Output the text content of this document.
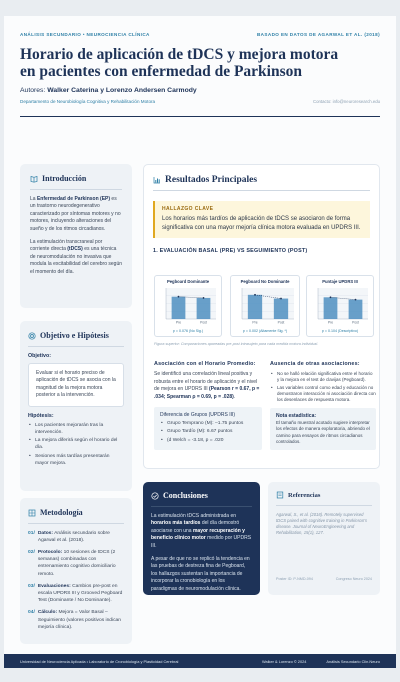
ANÁLISIS SECUNDARIO • NEUROCIENCIA CLÍNICA	BASADO EN DATOS DE AGARWAL ET AL. (2018)
Horario de aplicación de tDCS y mejora motora en pacientes con enfermedad de Parkinson
Autores: Walker Caterina y Lorenzo Andersen Carmody
Departamento de Neurobiología Cognitiva y Rehabilitación Motora	Contacto: info@neuroresearch.edu
Introducción

La Enfermedad de Parkinson (EP) es un trastorno neurodegenerativo caracterizado por síntomas motores y no motores, incluyendo alteraciones del sueño y de los ritmos circadianos.

La estimulación transcraneal por corriente directa (tDCS) es una técnica de neuromodulación no invasiva que modula la excitabilidad del cerebro según el momento del día.

Objetivo e Hipótesis
Objetivo:

Evaluar si el horario preciso de aplicación de tDCS se asocia con la magnitud de la mejora motora posterior a la intervención.

Hipótesis:
• Los pacientes mejorarán tras la intervención.
• La mejora diferirá según el horario del día.
• Sesiones más tardías presentarán mayor mejora.
Metodología
01/ Datos: Análisis secundario sobre Agarwal et al. (2018).
02/ Protocolo: 10 sesiones de tDCS (2 semanas) combinadas con entrenamiento cognitivo domiciliario remoto.
03/ Evaluaciones: Cambios pre-post en escala UPDRS III y Grooved Pegboard Test (Dominante / No Dominante).
04/ Cálculo: Mejora = Valor Basal – Seguimiento (valores positivos indican mejoría clínica).
Resultados Principales
HALLAZGO CLAVE
Los horarios más tardíos de aplicación de tDCS se asociaron de forma significativa con una mayor mejoría clínica motora evaluada en UPDRS III.
1. EVALUACIÓN BASAL (PRE) VS SEGUIMIENTO (POST)
Pegboard Dominante
Pre	Post
p = 0.076 (No Sig.)
Pegboard No Dominante
Pre	Post
p = 0.002 (Altamente Sig. *)
Puntaje UPDRS III
Pre	Post
p = 0.104 (Descriptivo)
Figura superior: Comparaciones apareadas pre-post intrasujeto para cada medida motora individual.
Asociación con el Horario Promedio:

Se identificó una correlación lineal positiva y robusta entre el horario de aplicación y el nivel de mejora en UPDRS III (Pearson r = 0.67, p = .034; Spearman ρ = 0.69, p = .028).

Diferencia de Grupos (UPDRS III)
• Grupo Temprano (M): –1.75 puntos
• Grupo Tardío (M): 6.67 puntos
• (d Welch = -3.18, p = .020
Ausencia de otras asociaciones:
• No se halló relación significativa entre el horario y la mejora en el test de clavijas (Pegboard).
• Las variables control como edad y educación no demostraron interacción ni asociación directa con los desenlaces de respuesta motora.
Nota estadística:

El tamaño muestral acotado sugiere interpretar los efectos de manera exploratoria, abriendo el camino para ensayos de ritmos circadianos controlados.

Conclusiones

La estimulación tDCS administrada en horarios más tardíos del día demostró asociarse con una mayor recuperación y beneficio clínico motor medido por UPDRS III.

A pesar de que no se replicó la tendencia en las pruebas de destreza fina de Pegboard, los hallazgos sustentan la importancia de incorporar la cronobiología en los paradigmas de neuromodulación clínica.

Referencias

Agarwal, S., et al. (2018). Remotely supervised tDCS paired with cognitive training in Parkinson's disease. Journal of NeuroEngineering and Rehabilitation, 15(1), 127.

Poster ID: P-NMD-094	Congreso Neuro 2024
Universidad de Neurociencia Aplicada • Laboratorio de Cronobiología y Plasticidad Cerebral	Walker & Lorenzo © 2024	Análisis Secundario Clin.Neuro
